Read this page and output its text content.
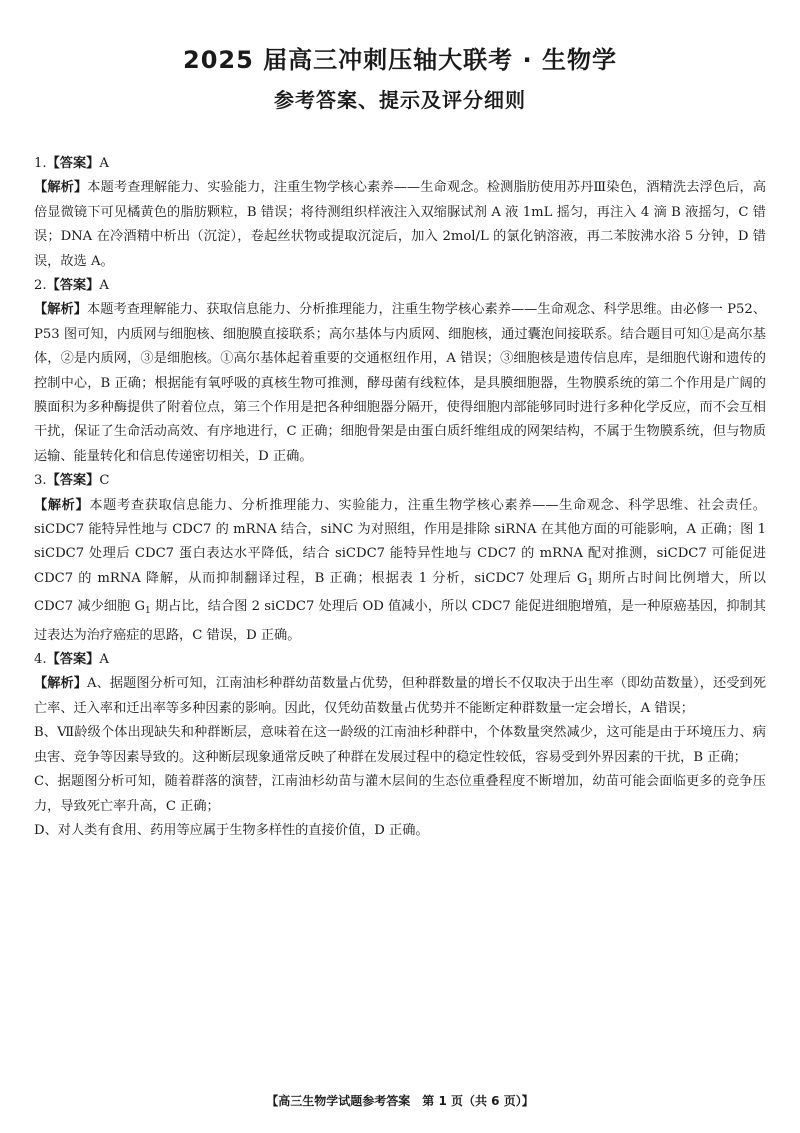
2025 届高三冲刺压轴大联考 · 生物学
参考答案、提示及评分细则
1.【答案】A
【解析】本题考查理解能力、实验能力，注重生物学核心素养——生命观念。检测脂肪使用苏丹Ⅲ染色，酒精洗去浮色后，高倍显微镜下可见橘黄色的脂肪颗粒，B 错误；将待测组织样液注入双缩脲试剂 A 液 1mL 摇匀，再注入 4 滴 B 液摇匀，C 错误；DNA 在冷酒精中析出（沉淀），卷起丝状物或提取沉淀后，加入 2mol/L 的氯化钠溶液，再二苯胺沸水浴 5 分钟，D 错误，故选 A。
2.【答案】A
【解析】本题考查理解能力、获取信息能力、分析推理能力，注重生物学核心素养——生命观念、科学思维。由必修一 P52、P53 图可知，内质网与细胞核、细胞膜直接联系；高尔基体与内质网、细胞核，通过囊泡间接联系。结合题目可知①是高尔基体，②是内质网，③是细胞核。①高尔基体起着重要的交通枢纽作用，A 错误；③细胞核是遗传信息库，是细胞代谢和遗传的控制中心，B 正确；根据能有氧呼吸的真核生物可推测，酵母菌有线粒体，是具膜细胞器，生物膜系统的第二个作用是广阔的膜面积为多种酶提供了附着位点，第三个作用是把各种细胞器分隔开，使得细胞内部能够同时进行多种化学反应，而不会互相干扰，保证了生命活动高效、有序地进行，C 正确；细胞骨架是由蛋白质纤维组成的网架结构，不属于生物膜系统，但与物质运输、能量转化和信息传递密切相关，D 正确。
3.【答案】C
【解析】本题考查获取信息能力、分析推理能力、实验能力，注重生物学核心素养——生命观念、科学思维、社会责任。siCDC7 能特异性地与 CDC7 的 mRNA 结合，siNC 为对照组，作用是排除 siRNA 在其他方面的可能影响，A 正确；图 1 siCDC7 处理后 CDC7 蛋白表达水平降低，结合 siCDC7 能特异性地与 CDC7 的 mRNA 配对推测，siCDC7 可能促进 CDC7 的 mRNA 降解，从而抑制翻译过程，B 正确；根据表 1 分析，siCDC7 处理后 $G_1$ 期所占时间比例增大，所以 CDC7 减少细胞 $G_1$ 期占比，结合图 2 siCDC7 处理后 OD 值减小，所以 CDC7 能促进细胞增殖，是一种原癌基因，抑制其过表达为治疗癌症的思路，C 错误，D 正确。
4.【答案】A
【解析】A、据题图分析可知，江南油杉种群幼苗数量占优势，但种群数量的增长不仅取决于出生率（即幼苗数量），还受到死亡率、迁入率和迁出率等多种因素的影响。因此，仅凭幼苗数量占优势并不能断定种群数量一定会增长，A 错误；
B、Ⅶ龄级个体出现缺失和种群断层，意味着在这一龄级的江南油杉种群中，个体数量突然减少，这可能是由于环境压力、病虫害、竞争等因素导致的。这种断层现象通常反映了种群在发展过程中的稳定性较低，容易受到外界因素的干扰，B 正确；
C、据题图分析可知，随着群落的演替，江南油杉幼苗与灌木层间的生态位重叠程度不断增加，幼苗可能会面临更多的竞争压力，导致死亡率升高，C 正确；
D、对人类有食用、药用等应属于生物多样性的直接价值，D 正确。
【高三生物学试题参考答案　第 1 页（共 6 页）】
